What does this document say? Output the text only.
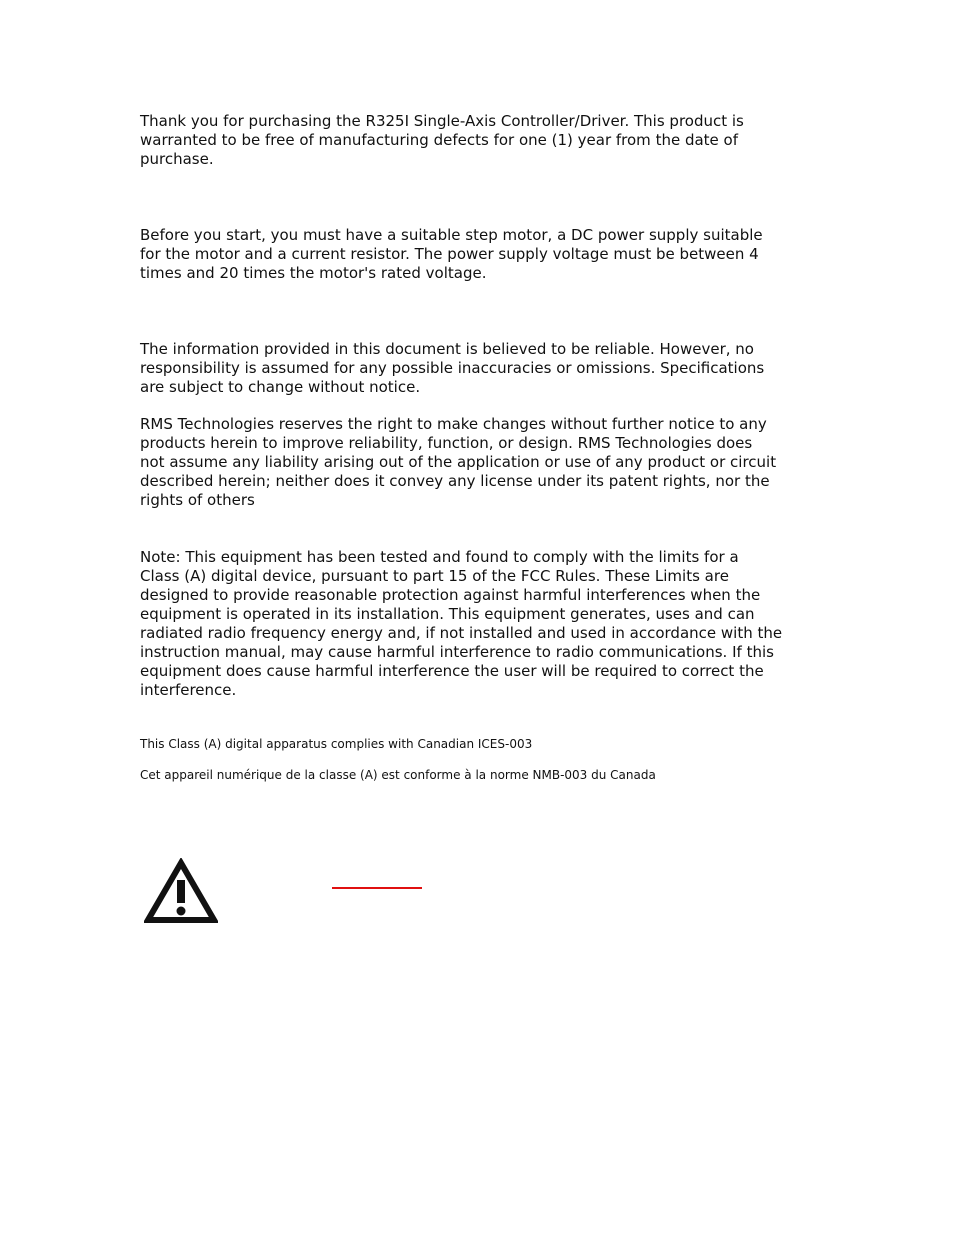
Thank you for purchasing the R325I Single-Axis Controller/Driver. This product is
warranted to be free of manufacturing defects for one (1) year from the date of
purchase.

Before you start, you must have a suitable step motor, a DC power supply suitable
for the motor and a current resistor. The power supply voltage must be between 4
times and 20 times the motor's rated voltage.

The information provided in this document is believed to be reliable. However, no
responsibility is assumed for any possible inaccuracies or omissions. Specifications
are subject to change without notice.

RMS Technologies reserves the right to make changes without further notice to any
products herein to improve reliability, function, or design. RMS Technologies does
not assume any liability arising out of the application or use of any product or circuit
described herein; neither does it convey any license under its patent rights, nor the
rights of others

Note: This equipment has been tested and found to comply with the limits for a
Class (A) digital device, pursuant to part 15 of the FCC Rules. These Limits are
designed to provide reasonable protection against harmful interferences when the
equipment is operated in its installation. This equipment generates, uses and can
radiated radio frequency energy and, if not installed and used in accordance with the
instruction manual, may cause harmful interference to radio communications. If this
equipment does cause harmful interference the user will be required to correct the
interference.

This Class (A) digital apparatus complies with Canadian ICES-003

Cet appareil numérique de la classe (A) est conforme à la norme NMB-003 du Canada
